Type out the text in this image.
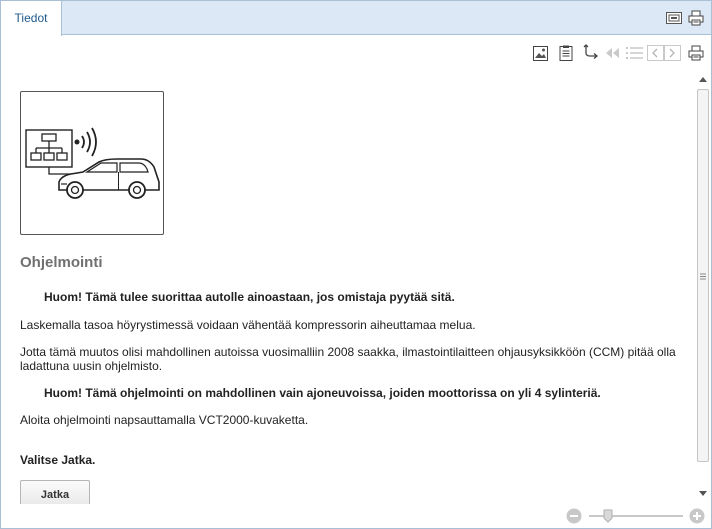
Tiedot
Ohjelmointi
Huom! Tämä tulee suorittaa autolle ainoastaan, jos omistaja pyytää sitä.
Laskemalla tasoa höyrystimessä voidaan vähentää kompressorin aiheuttamaa melua.
Jotta tämä muutos olisi mahdollinen autoissa vuosimalliin 2008 saakka, ilmastointilaitteen ohjausyksikköön (CCM) pitää olla ladattuna uusin ohjelmisto.
Huom! Tämä ohjelmointi on mahdollinen vain ajoneuvoissa, joiden moottorissa on yli 4 sylinteriä.
Aloita ohjelmointi napsauttamalla VCT2000-kuvaketta.
Valitse Jatka.
Jatka
